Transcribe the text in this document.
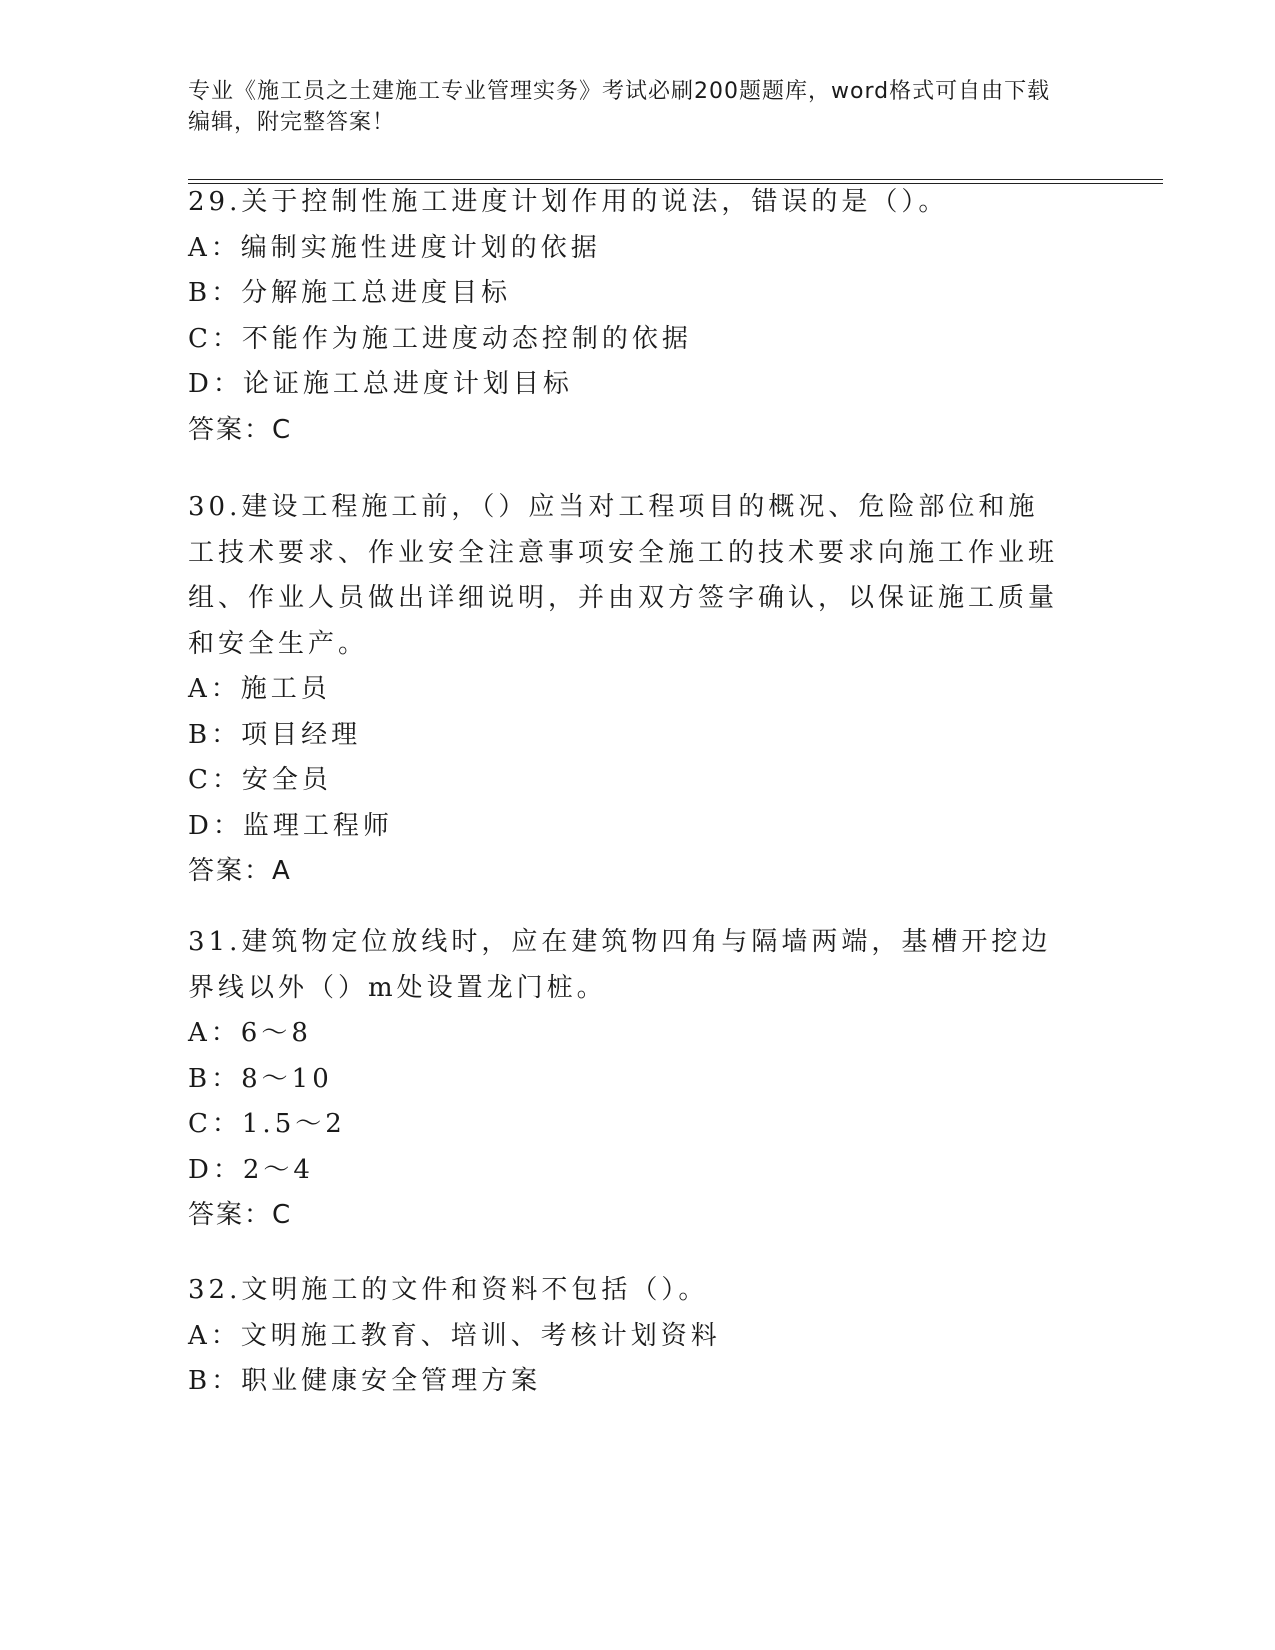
专业《施工员之土建施工专业管理实务》考试必刷200题题库，word格式可自由下载编辑，附完整答案！
29.关于控制性施工进度计划作用的说法，错误的是（）。
A：编制实施性进度计划的依据
B：分解施工总进度目标
C：不能作为施工进度动态控制的依据
D：论证施工总进度计划目标
答案：C
30.建设工程施工前，（）应当对工程项目的概况、危险部位和施工技术要求、作业安全注意事项安全施工的技术要求向施工作业班组、作业人员做出详细说明，并由双方签字确认，以保证施工质量和安全生产。
A：施工员
B：项目经理
C：安全员
D：监理工程师
答案：A
31.建筑物定位放线时，应在建筑物四角与隔墙两端，基槽开挖边界线以外（）m处设置龙门桩。
A：6～8
B：8～10
C：1.5～2
D：2～4
答案：C
32.文明施工的文件和资料不包括（）。
A：文明施工教育、培训、考核计划资料
B：职业健康安全管理方案
